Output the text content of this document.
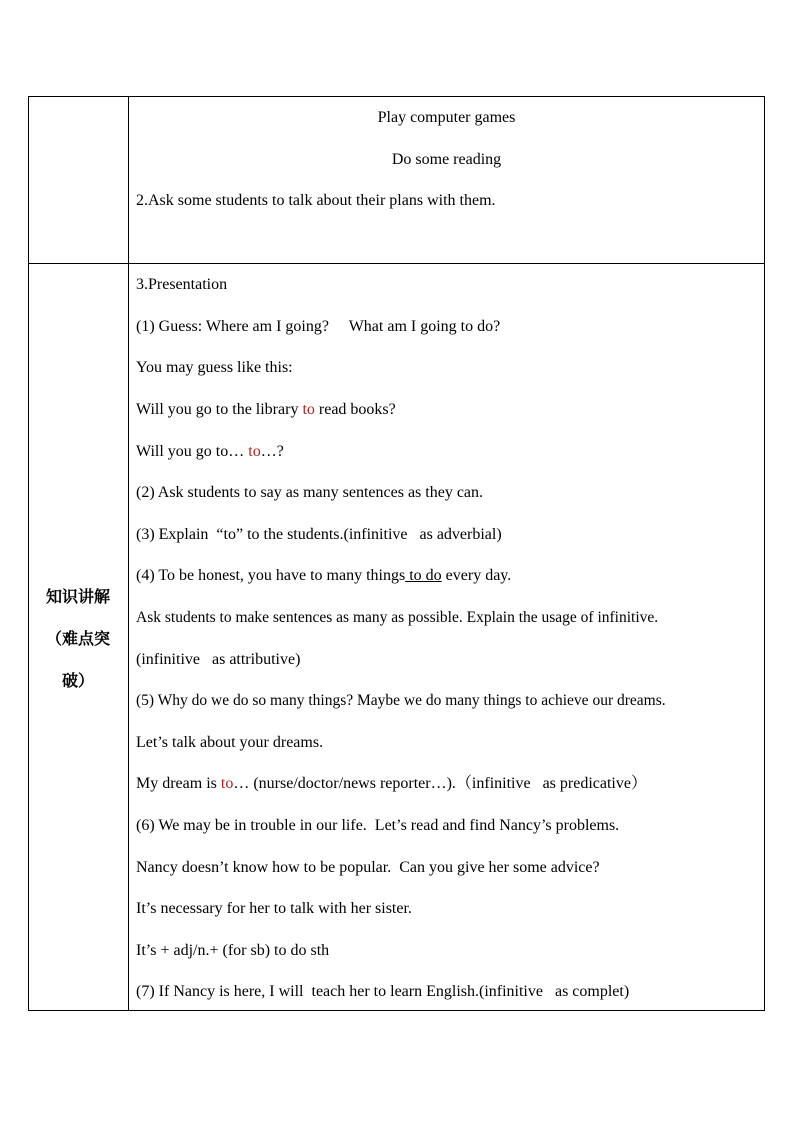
Play computer games
Do some reading
2.Ask some students to talk about their plans with them.
知识讲解
（难点突
破）
3.Presentation
(1) Guess: Where am I going?     What am I going to do?
You may guess like this:
Will you go to the library to read books?
Will you go to… to…?
(2) Ask students to say as many sentences as they can.
(3) Explain  “to” to the students.(infinitive   as adverbial)
(4) To be honest, you have to many things to do every day.
Ask students to make sentences as many as possible. Explain the usage of infinitive.
(infinitive   as attributive)
(5) Why do we do so many things? Maybe we do many things to achieve our dreams.
Let’s talk about your dreams.
My dream is to… (nurse/doctor/news reporter…).（infinitive   as predicative）
(6) We may be in trouble in our life.  Let’s read and find Nancy’s problems.
Nancy doesn’t know how to be popular.  Can you give her some advice?
It’s necessary for her to talk with her sister.
It’s + adj/n.+ (for sb) to do sth
(7) If Nancy is here, I will  teach her to learn English.(infinitive   as complet)
